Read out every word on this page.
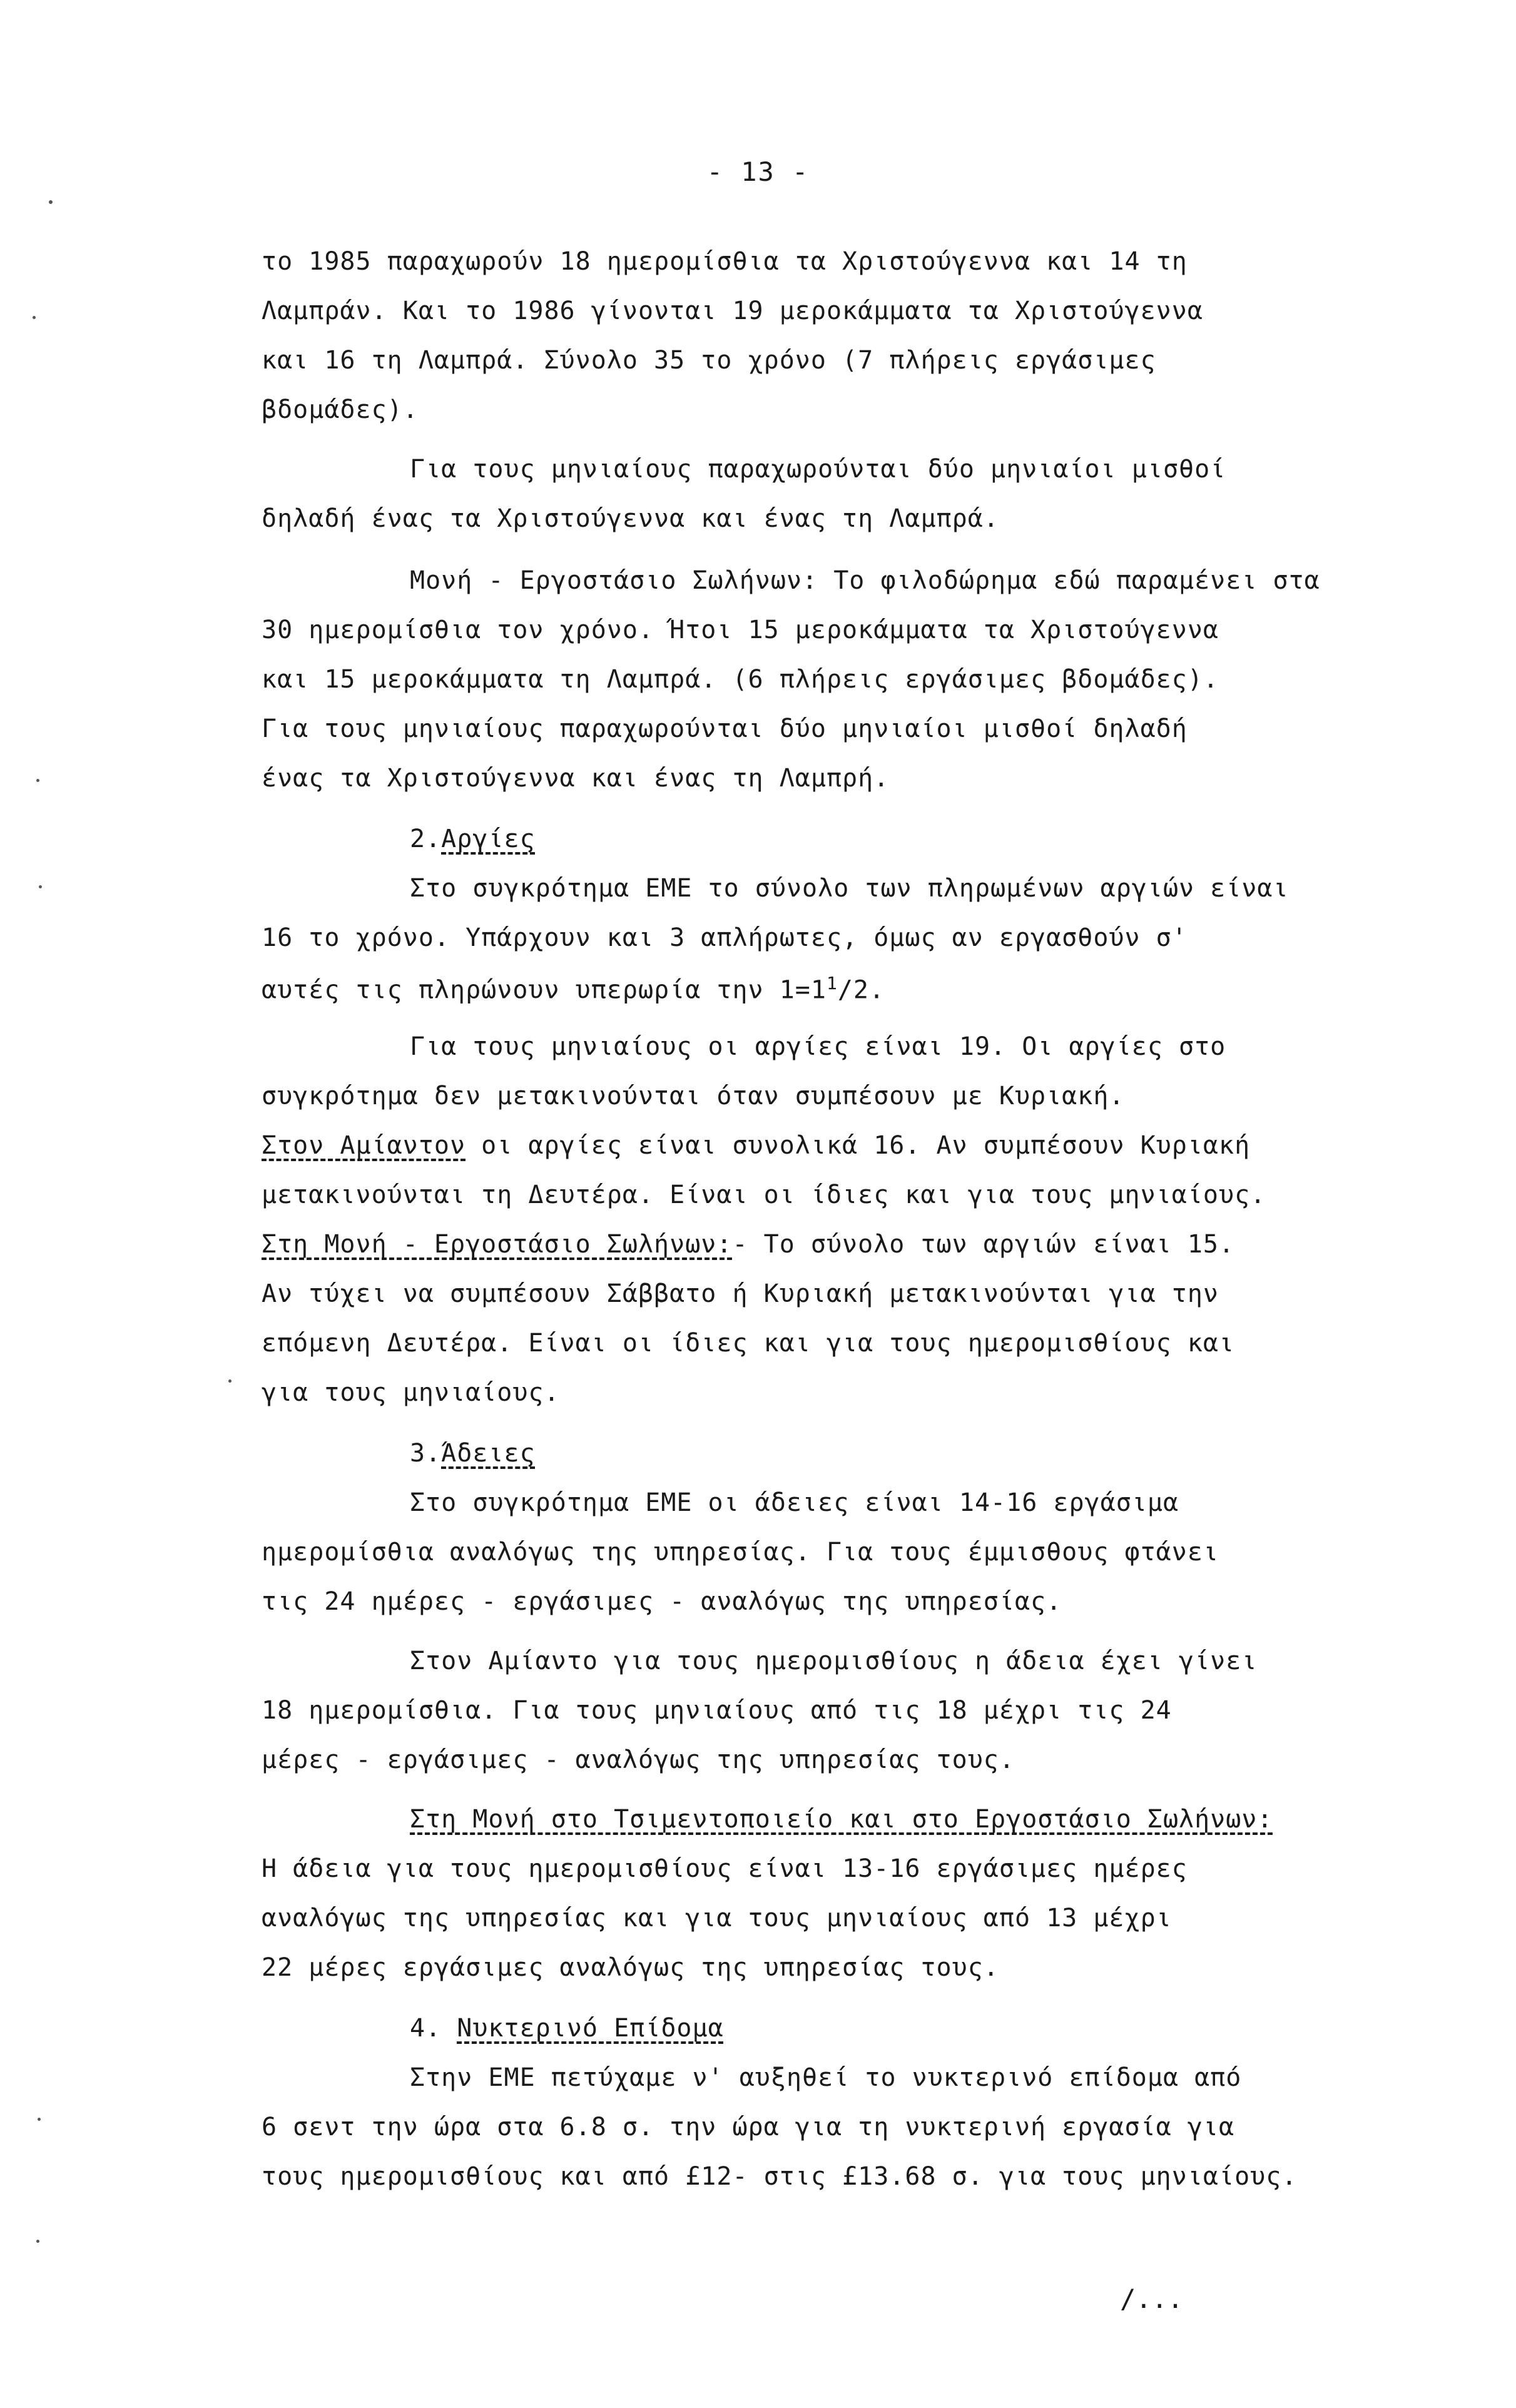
- 13 -
το 1985 παραχωρούν 18 ημερομίσθια τα Χριστούγεννα και 14 τη
Λαμπράν. Και το 1986 γίνονται 19 μεροκάμματα τα Χριστούγεννα
και 16 τη Λαμπρά. Σύνολο 35 το χρόνο (7 πλήρεις εργάσιμες
βδομάδες).
Για τους μηνιαίους παραχωρούνται δύο μηνιαίοι μισθοί
δηλαδή ένας τα Χριστούγεννα και ένας τη Λαμπρά.
Μονή - Εργοστάσιο Σωλήνων: Το φιλοδώρημα εδώ παραμένει στα
30 ημερομίσθια τον χρόνο. Ήτοι 15 μεροκάμματα τα Χριστούγεννα
και 15 μεροκάμματα τη Λαμπρά. (6 πλήρεις εργάσιμες βδομάδες).
Για τους μηνιαίους παραχωρούνται δύο μηνιαίοι μισθοί δηλαδή
ένας τα Χριστούγεννα και ένας τη Λαμπρή.
2.Αργίες
Στο συγκρότημα ΕΜΕ το σύνολο των πληρωμένων αργιών είναι
16 το χρόνο. Υπάρχουν και 3 απλήρωτες, όμως αν εργασθούν σ'
αυτές τις πληρώνουν υπερωρία την $1=1^1/2$.
Για τους μηνιαίους οι αργίες είναι 19. Οι αργίες στο
συγκρότημα δεν μετακινούνται όταν συμπέσουν με Κυριακή.
Στον Αμίαντον οι αργίες είναι συνολικά 16. Αν συμπέσουν Κυριακή
μετακινούνται τη Δευτέρα. Είναι οι ίδιες και για τους μηνιαίους.
Στη Μονή - Εργοστάσιο Σωλήνων:- Το σύνολο των αργιών είναι 15.
Αν τύχει να συμπέσουν Σάββατο ή Κυριακή μετακινούνται για την
επόμενη Δευτέρα. Είναι οι ίδιες και για τους ημερομισθίους και
για τους μηνιαίους.
3.Άδειες
Στο συγκρότημα ΕΜΕ οι άδειες είναι 14-16 εργάσιμα
ημερομίσθια αναλόγως της υπηρεσίας. Για τους έμμισθους φτάνει
τις 24 ημέρες - εργάσιμες - αναλόγως της υπηρεσίας.
Στον Αμίαντο για τους ημερομισθίους η άδεια έχει γίνει
18 ημερομίσθια. Για τους μηνιαίους από τις 18 μέχρι τις 24
μέρες - εργάσιμες - αναλόγως της υπηρεσίας τους.
Στη Μονή στο Τσιμεντοποιείο και στο Εργοστάσιο Σωλήνων:
Η άδεια για τους ημερομισθίους είναι 13-16 εργάσιμες ημέρες
αναλόγως της υπηρεσίας και για τους μηνιαίους από 13 μέχρι
22 μέρες εργάσιμες αναλόγως της υπηρεσίας τους.
4. Νυκτερινό Επίδομα
Στην ΕΜΕ πετύχαμε ν' αυξηθεί το νυκτερινό επίδομα από
6 σεντ την ώρα στα 6.8 σ. την ώρα για τη νυκτερινή εργασία για
τους ημερομισθίους και από £12- στις £13.68 σ. για τους μηνιαίους.
/...
